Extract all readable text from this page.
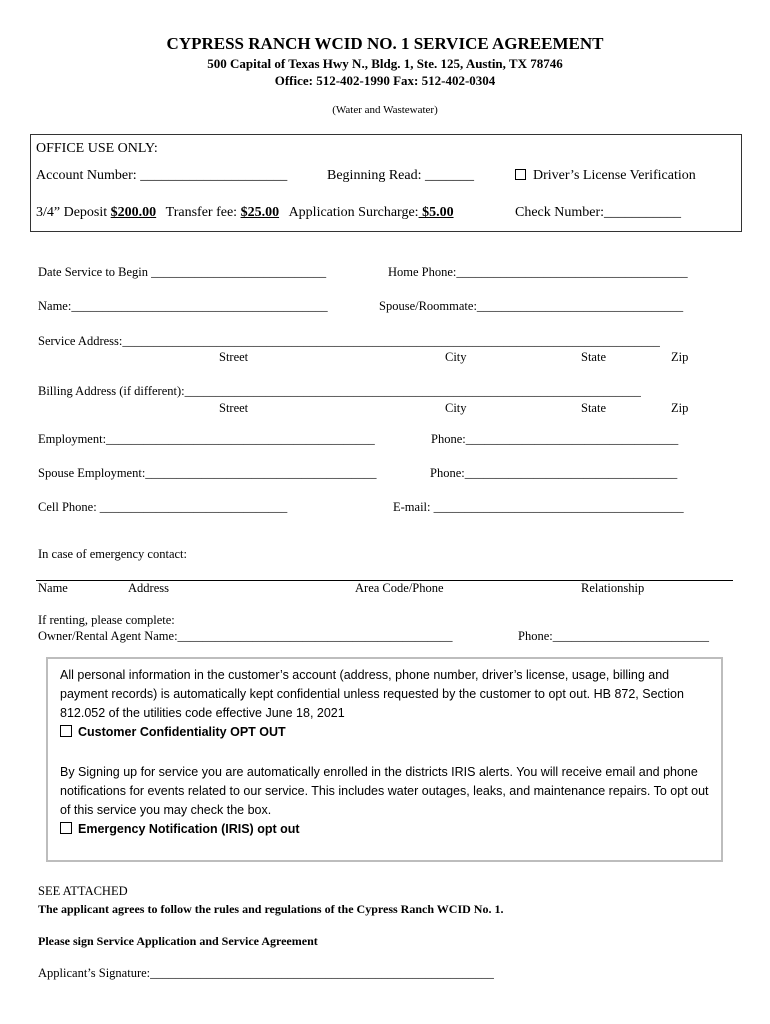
CYPRESS RANCH WCID NO. 1 SERVICE AGREEMENT
500 Capital of Texas Hwy N., Bldg. 1, Ste. 125, Austin, TX 78746
Office: 512-402-1990 Fax: 512-402-0304
(Water and Wastewater)
OFFICE USE ONLY:
Account Number: _____________________	Beginning Read: _______	Driver’s License Verification
3/4” Deposit $200.00 Transfer fee: $25.00 Application Surcharge: $5.00	Check Number:___________
Date Service to Begin ____________________________	Home Phone:_____________________________________
Name:_________________________________________	Spouse/Roommate:_________________________________
Service Address:______________________________________________________________________________________
Street	City	State	Zip
Billing Address (if different):_________________________________________________________________________
Street	City	State	Zip
Employment:___________________________________________	Phone:__________________________________
Spouse Employment:_____________________________________	Phone:__________________________________
Cell Phone: ______________________________	E-mail: ________________________________________
In case of emergency contact:
Name	Address	Area Code/Phone	Relationship
If renting, please complete:
Owner/Rental Agent Name:____________________________________________	Phone:_________________________
All personal information in the customer’s account (address, phone number, driver’s license, usage, billing and payment records) is automatically kept confidential unless requested by the customer to opt out. HB 872, Section 812.052 of the utilities code effective June 18, 2021
Customer Confidentiality OPT OUT
By Signing up for service you are automatically enrolled in the districts IRIS alerts. You will receive email and phone notifications for events related to our service. This includes water outages, leaks, and maintenance repairs. To opt out of this service you may check the box.
Emergency Notification (IRIS) opt out
SEE ATTACHED
The applicant agrees to follow the rules and regulations of the Cypress Ranch WCID No. 1.
Please sign Service Application and Service Agreement
Applicant’s Signature:_______________________________________________________
